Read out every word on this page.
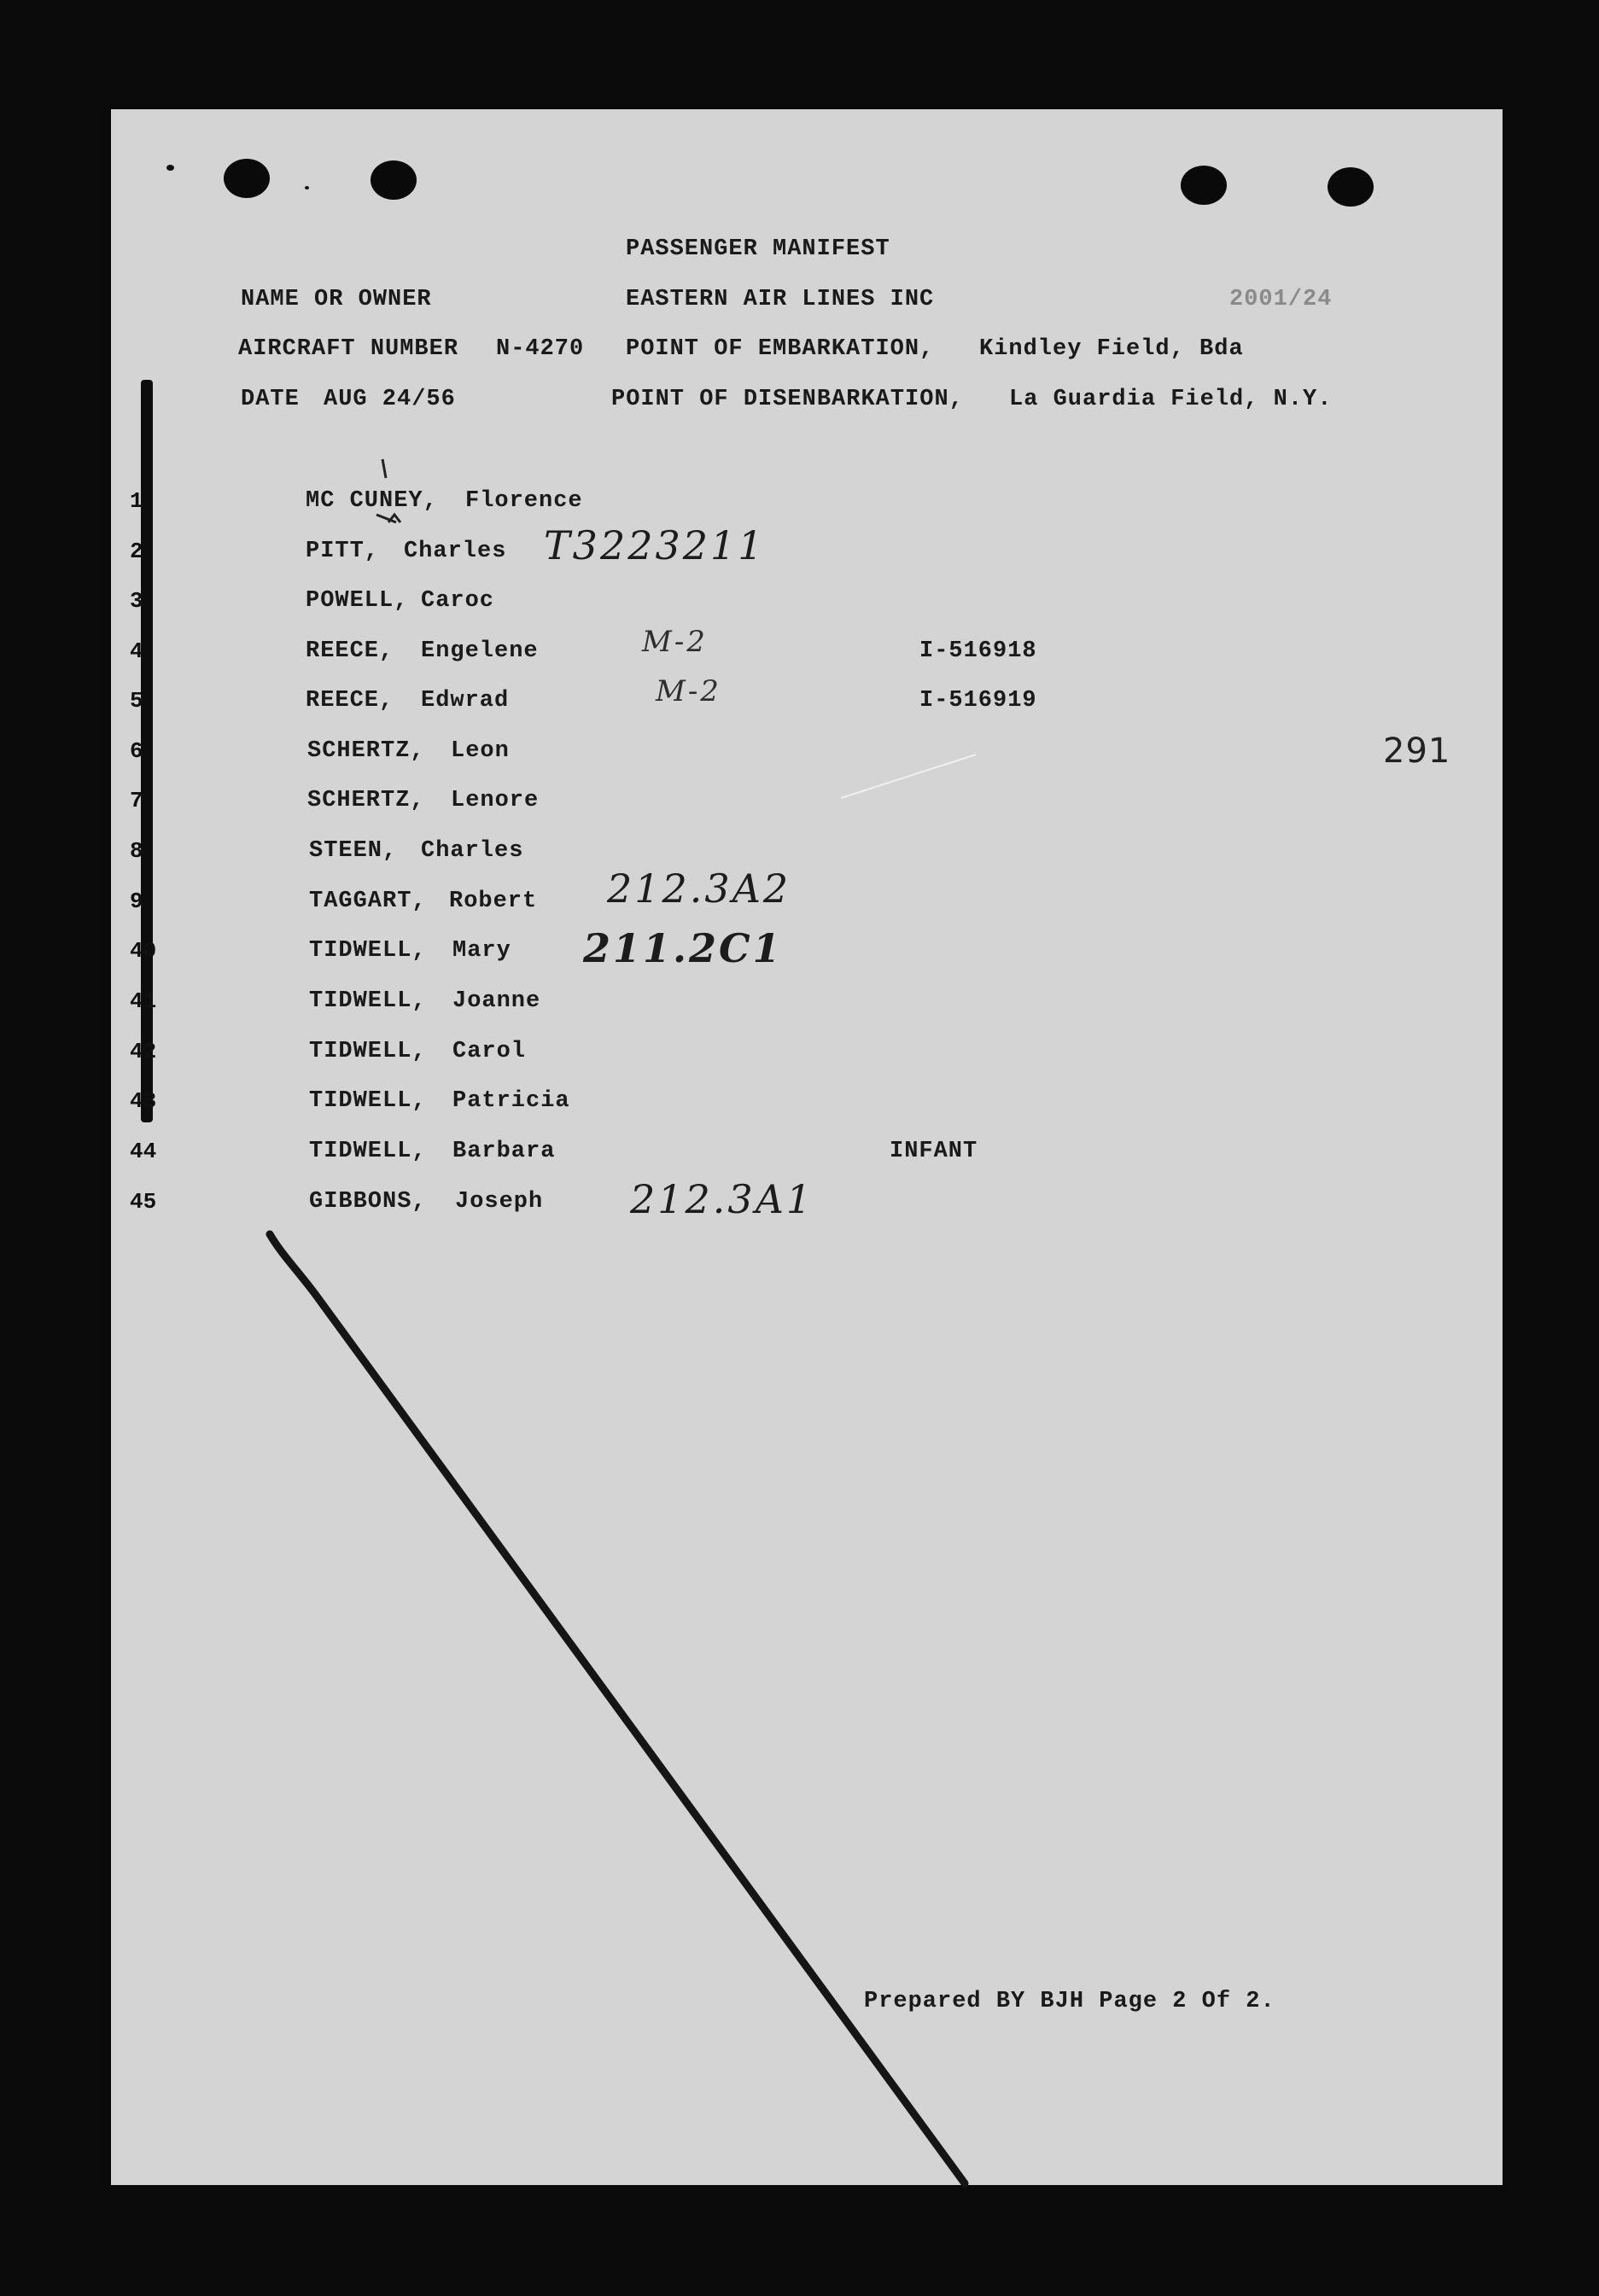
PASSENGER MANIFEST
NAME OR OWNER	EASTERN AIR LINES INC	2001/24
AIRCRAFT NUMBER N-4270 POINT OF EMBARKATION, Kindley Field, Bda
DATE AUG 24/56	POINT OF DISENBARKATION, La Guardia Field, N.Y.
1	MC CUNEY, Florence
2	PITT, Charles T3223211
3	POWELL, Caroc
4	REECE, Engelene	M-2	I-516918
5	REECE, Edwrad	M-2	I-516919
6	SCHERTZ, Leon
7	SCHERTZ, Lenore
8	STEEN, Charles
9	TAGGART, Robert 212.3A2
40	TIDWELL, Mary 211.2C1
41	TIDWELL, Joanne
42	TIDWELL, Carol
43	TIDWELL, Patricia
44	TIDWELL, Barbara	INFANT
45	GIBBONS, Joseph 212.3A1
291
Prepared BY BJH Page 2 Of 2.
